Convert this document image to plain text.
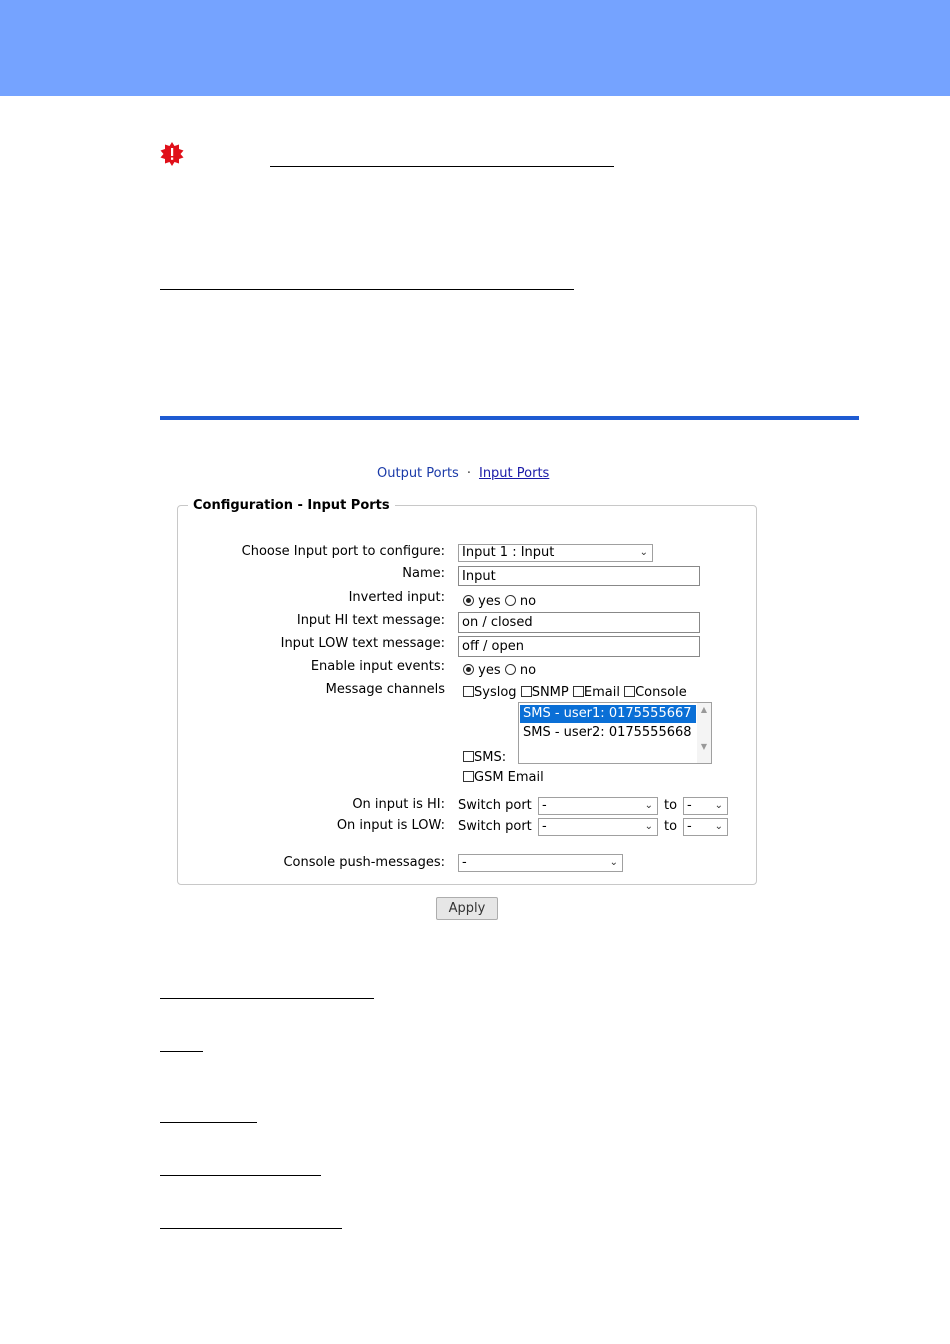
Output Ports · Input Ports
Configuration - Input Ports
Choose Input port to configure:	Input 1 : Input	⌄
Name:	Input
Inverted input:	yes no
Input HI text message:	on / closed
Input LOW text message:	off / open
Enable input events:	yes no
Message channels	Syslog SNMP Email Console
SMS:
SMS - user1: 0175555667
SMS - user2: 0175555668
▲
▼
GSM Email
On input is HI: Switch port -	⌄ to - ⌄
On input is LOW: Switch port -	⌄ to - ⌄
Console push-messages:	-	⌄
Apply
